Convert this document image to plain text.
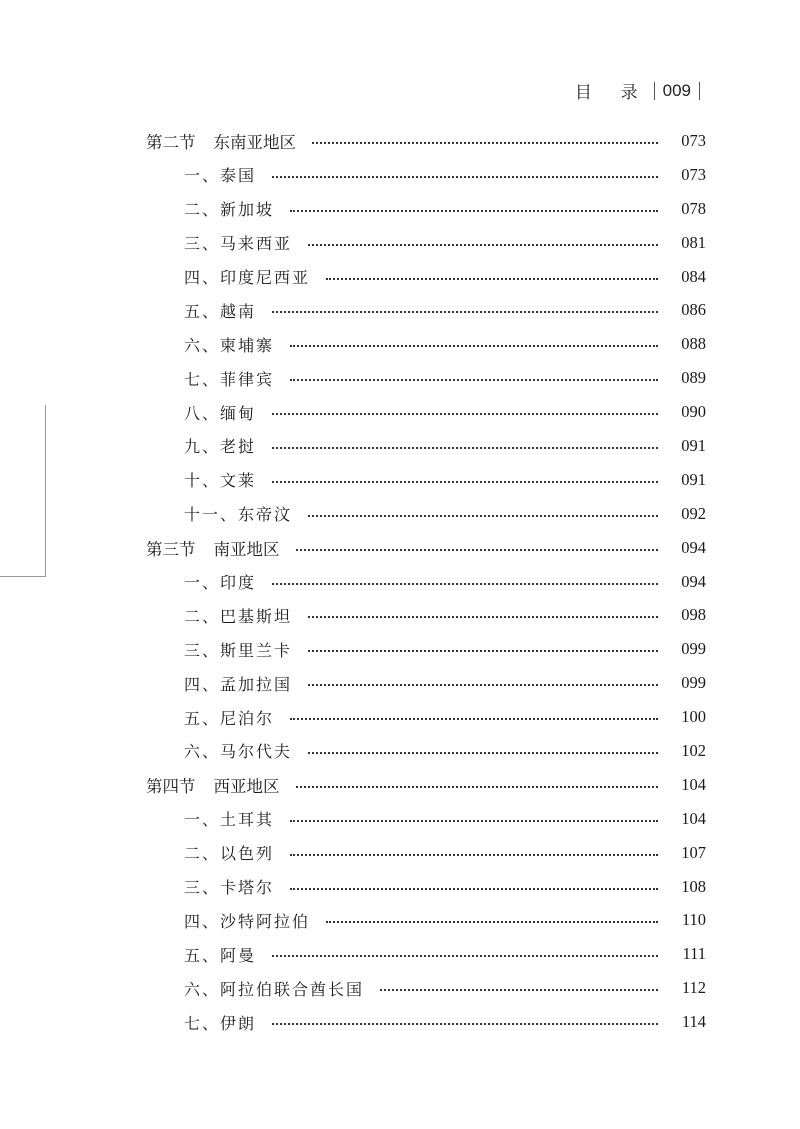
目 录 009
第二节 东南亚地区	073
一、泰国	073
二、新加坡	078
三、马来西亚	081
四、印度尼西亚	084
五、越南	086
六、柬埔寨	088
七、菲律宾	089
八、缅甸	090
九、老挝	091
十、文莱	091
十一、东帝汶	092
第三节 南亚地区	094
一、印度	094
二、巴基斯坦	098
三、斯里兰卡	099
四、孟加拉国	099
五、尼泊尔	100
六、马尔代夫	102
第四节 西亚地区	104
一、土耳其	104
二、以色列	107
三、卡塔尔	108
四、沙特阿拉伯	110
五、阿曼	111
六、阿拉伯联合酋长国	112
七、伊朗	114
